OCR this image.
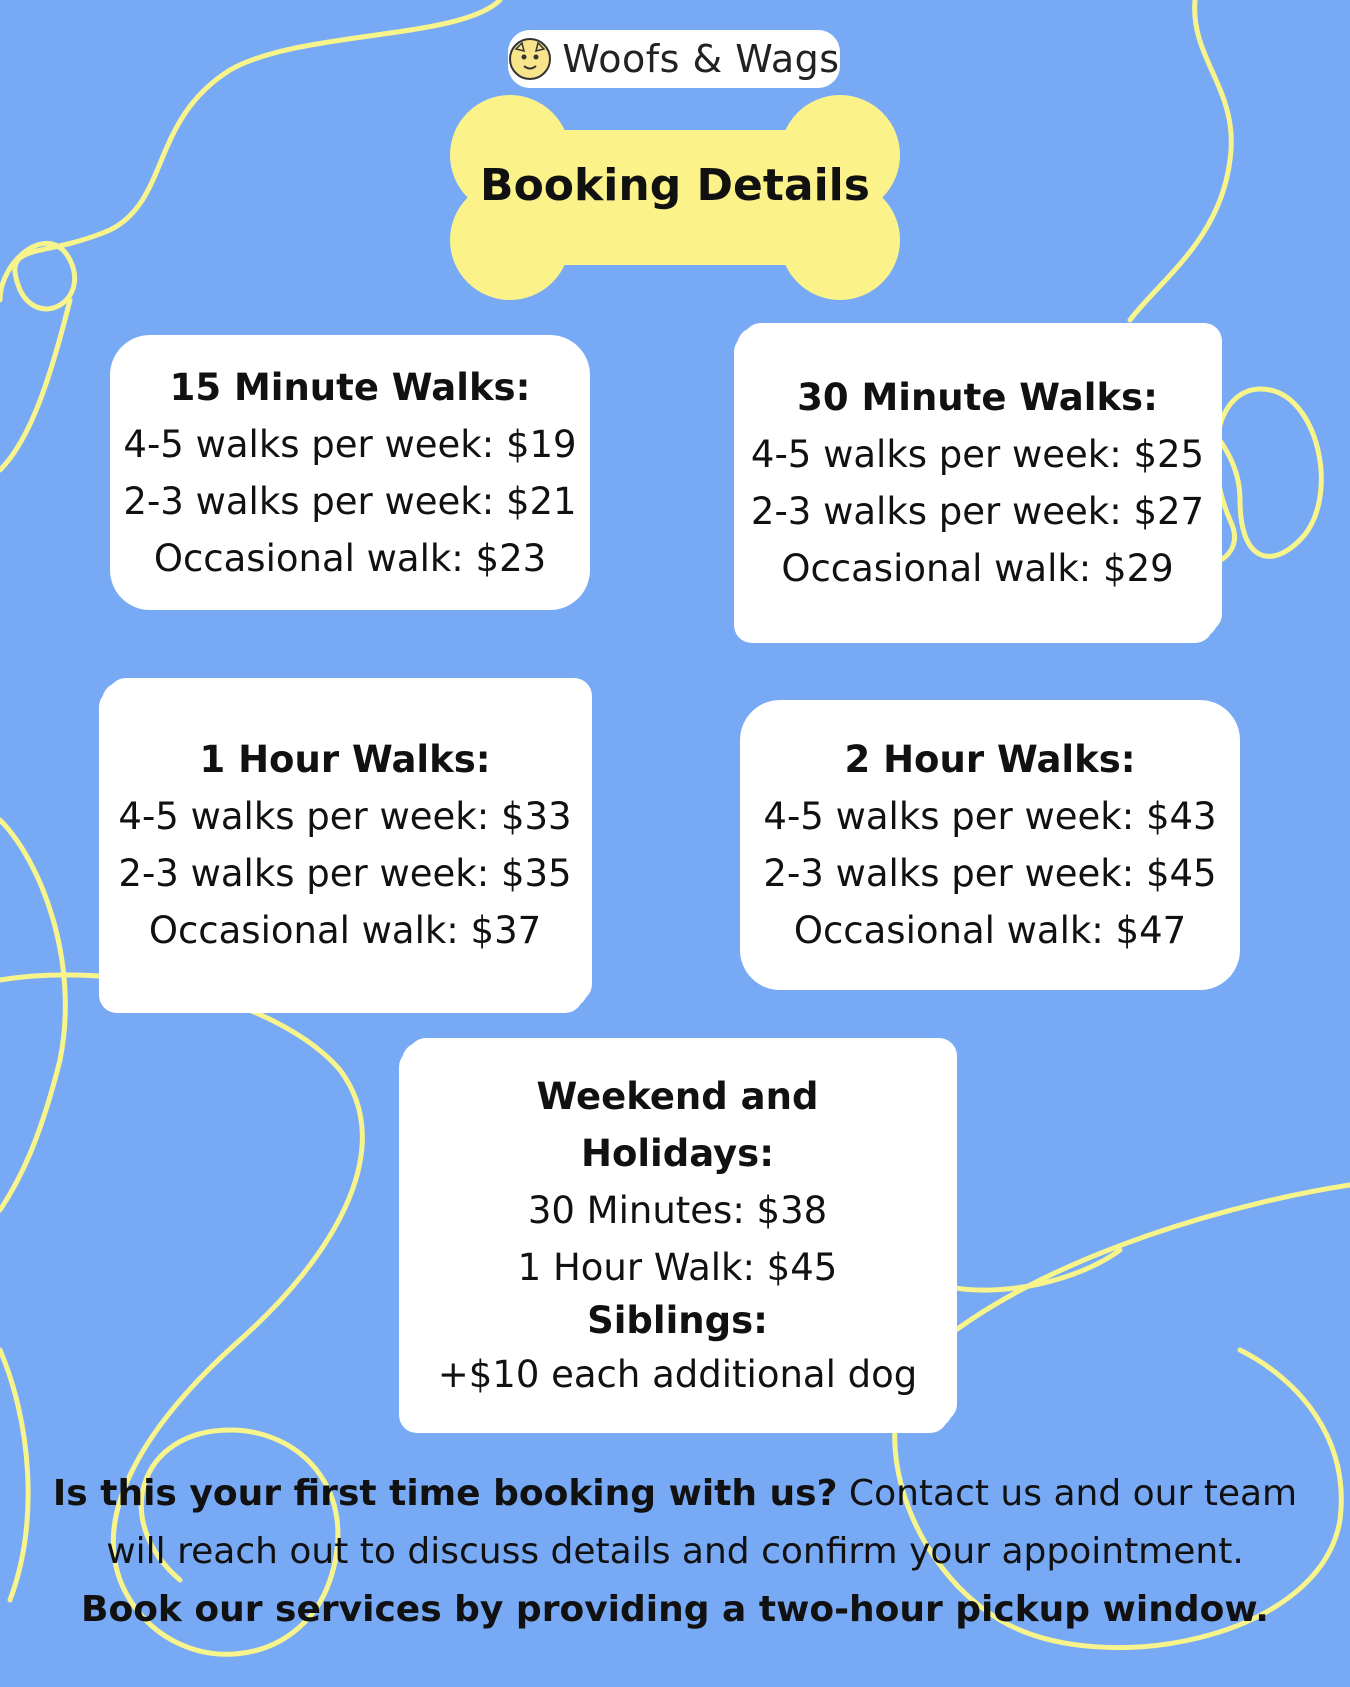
Woofs & Wags
Booking Details
15 Minute Walks:
4-5 walks per week: $19
2-3 walks per week: $21
Occasional walk: $23
30 Minute Walks:
4-5 walks per week: $25
2-3 walks per week: $27
Occasional walk: $29
1 Hour Walks:
4-5 walks per week: $33
2-3 walks per week: $35
Occasional walk: $37
2 Hour Walks:
4-5 walks per week: $43
2-3 walks per week: $45
Occasional walk: $47
Weekend and
Holidays:
30 Minutes: $38
1 Hour Walk: $45
Siblings:
+$10 each additional dog
Is this your first time booking with us? Contact us and our team will reach out to discuss details and confirm your appointment.
Book our services by providing a two-hour pickup window.
